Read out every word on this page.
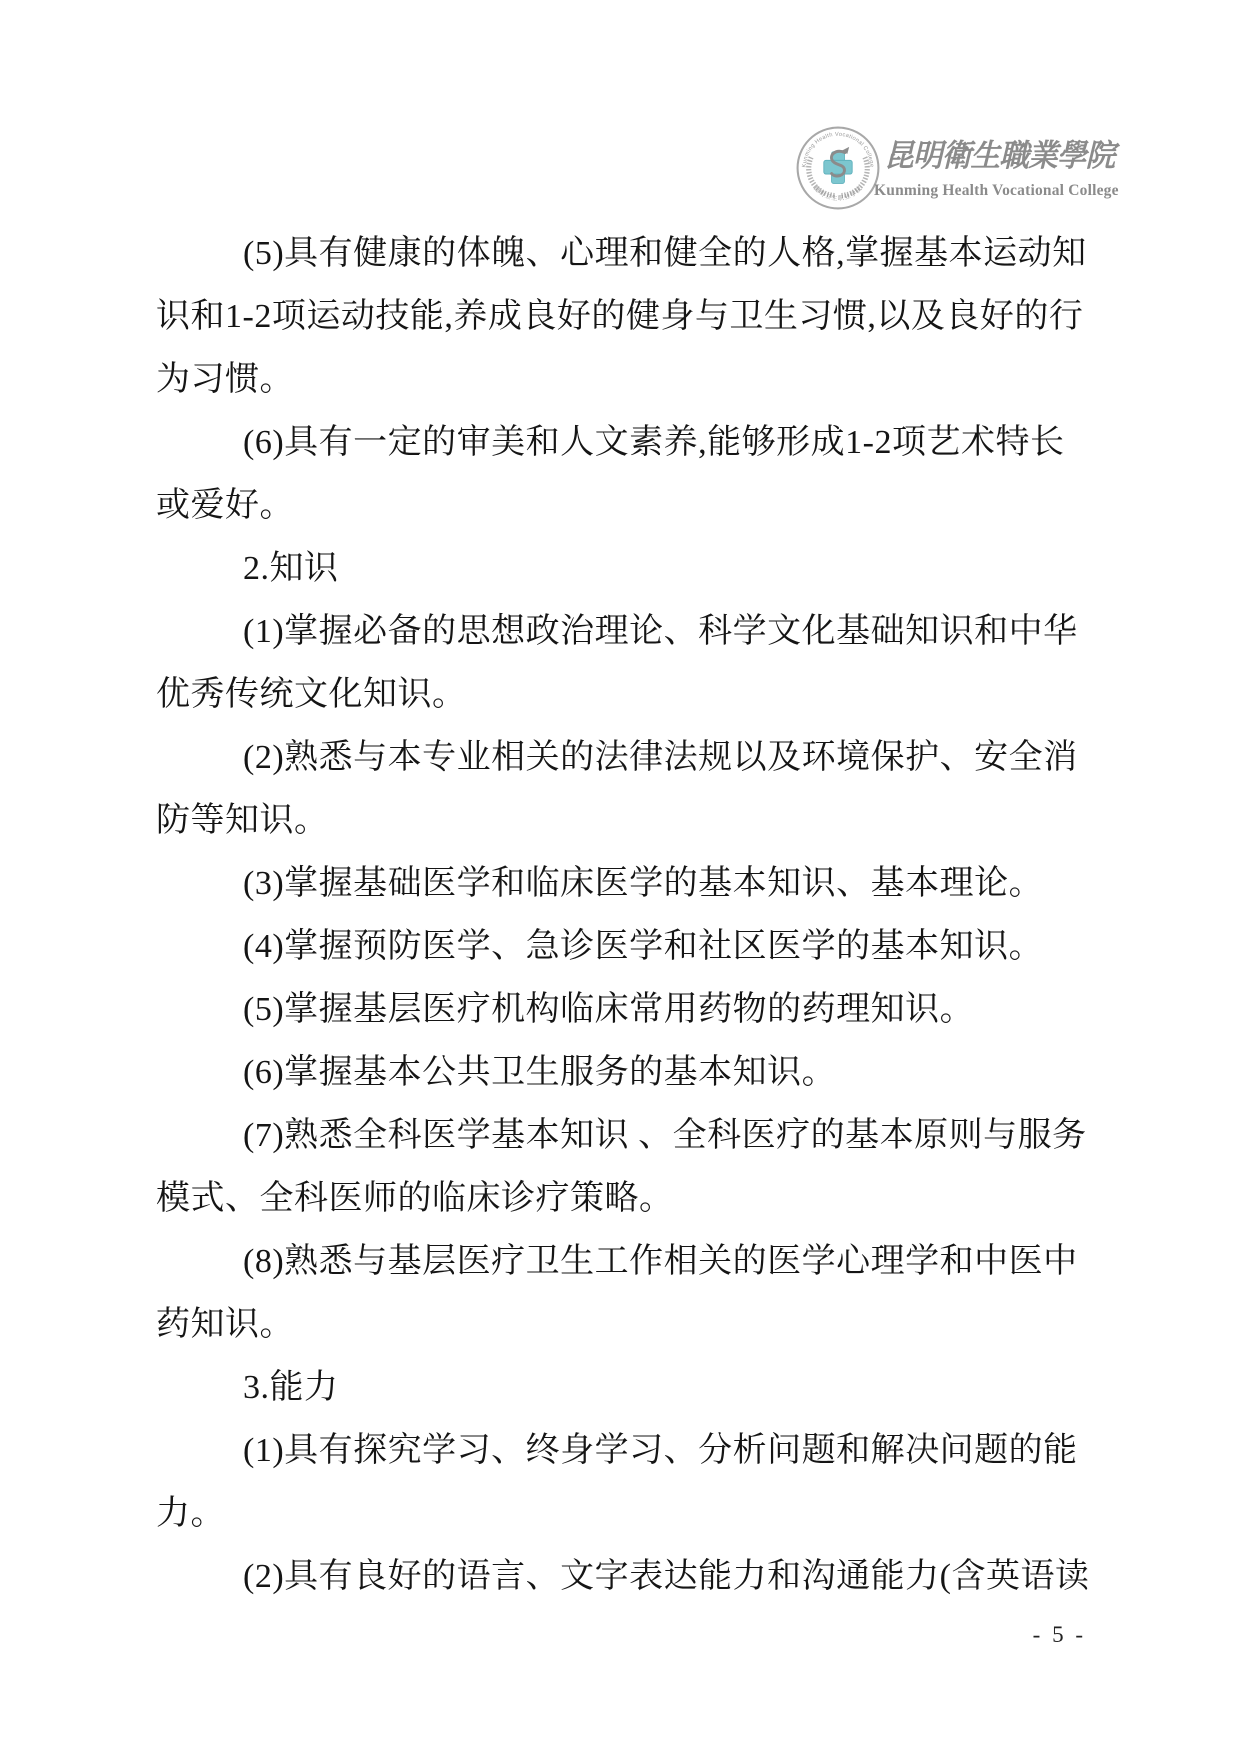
Kunming Health Vocational College
昆明卫生职业学院
昆明衛生職業學院
Kunming Health Vocational College
(5)具有健康的体魄、心理和健全的人格,掌握基本运动知
识和1-2项运动技能,养成良好的健身与卫生习惯,以及良好的行
为习惯。
(6)具有一定的审美和人文素养,能够形成1-2项艺术特长
或爱好。
2.知识
(1)掌握必备的思想政治理论、科学文化基础知识和中华
优秀传统文化知识。
(2)熟悉与本专业相关的法律法规以及环境保护、安全消
防等知识。
(3)掌握基础医学和临床医学的基本知识、基本理论。
(4)掌握预防医学、急诊医学和社区医学的基本知识。
(5)掌握基层医疗机构临床常用药物的药理知识。
(6)掌握基本公共卫生服务的基本知识。
(7)熟悉全科医学基本知识 、全科医疗的基本原则与服务
模式、全科医师的临床诊疗策略。
(8)熟悉与基层医疗卫生工作相关的医学心理学和中医中
药知识。
3.能力
(1)具有探究学习、终身学习、分析问题和解决问题的能
力。
(2)具有良好的语言、文字表达能力和沟通能力(含英语读
- 5 -
